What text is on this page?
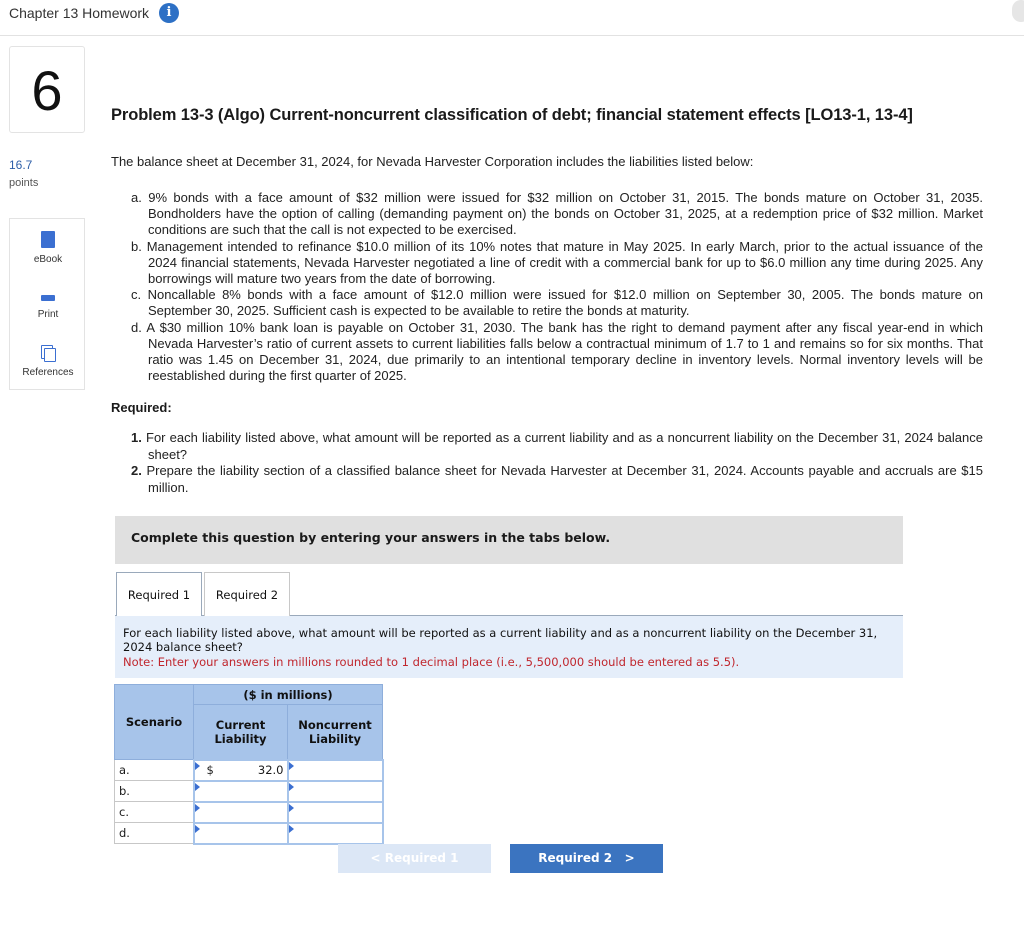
Chapter 13 Homework	i
6
16.7
points
eBook
Print
References
Problem 13-3 (Algo) Current-noncurrent classification of debt; financial statement effects [LO13-1, 13-4]
The balance sheet at December 31, 2024, for Nevada Harvester Corporation includes the liabilities listed below:
a. 9% bonds with a face amount of $32 million were issued for $32 million on October 31, 2015. The bonds mature on October 31, 2035. Bondholders have the option of calling (demanding payment on) the bonds on October 31, 2025, at a redemption price of $32 million. Market conditions are such that the call is not expected to be exercised.
b. Management intended to refinance $10.0 million of its 10% notes that mature in May 2025. In early March, prior to the actual issuance of the 2024 financial statements, Nevada Harvester negotiated a line of credit with a commercial bank for up to $6.0 million any time during 2025. Any borrowings will mature two years from the date of borrowing.
c. Noncallable 8% bonds with a face amount of $12.0 million were issued for $12.0 million on September 30, 2005. The bonds mature on September 30, 2025. Sufficient cash is expected to be available to retire the bonds at maturity.
d. A $30 million 10% bank loan is payable on October 31, 2030. The bank has the right to demand payment after any fiscal year-end in which Nevada Harvester’s ratio of current assets to current liabilities falls below a contractual minimum of 1.7 to 1 and remains so for six months. That ratio was 1.45 on December 31, 2024, due primarily to an intentional temporary decline in inventory levels. Normal inventory levels will be reestablished during the first quarter of 2025.
Required:
1. For each liability listed above, what amount will be reported as a current liability and as a noncurrent liability on the December 31, 2024 balance sheet?
2. Prepare the liability section of a classified balance sheet for Nevada Harvester at December 31, 2024. Accounts payable and accruals are $15 million.
Complete this question by entering your answers in the tabs below.
Required 1	Required 2
For each liability listed above, what amount will be reported as a current liability and as a noncurrent liability on the December 31, 2024 balance sheet?
Note: Enter your answers in millions rounded to 1 decimal place (i.e., 5,500,000 should be entered as 5.5).
Scenario	($ in millions)	
	Current Liability	Noncurrent Liability
a.	$ 32.0	

b.	

c.	

d.	

< Required 1	Required 2 >
